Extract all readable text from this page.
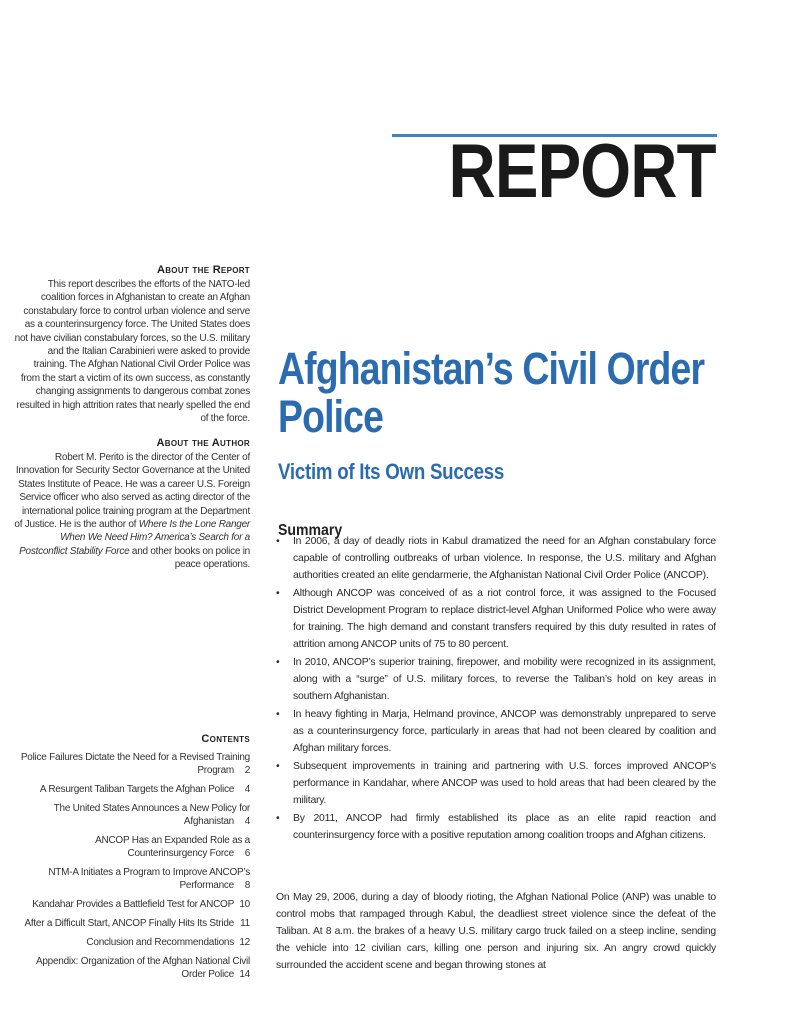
REPORT
About the Report

This report describes the efforts of the NATO-led coalition forces in Afghanistan to create an Afghan constabulary force to control urban violence and serve as a counterinsurgency force. The United States does not have civilian constabulary forces, so the U.S. military and the Italian Carabinieri were asked to provide training. The Afghan National Civil Order Police was from the start a victim of its own success, as constantly changing assignments to dangerous combat zones resulted in high attrition rates that nearly spelled the end of the force.

About the Author

Robert M. Perito is the director of the Center of Innovation for Security Sector Governance at the United States Institute of Peace. He was a career U.S. Foreign Service officer who also served as acting director of the international police training program at the Department of Justice. He is the author of Where Is the Lone Ranger When We Need Him? America’s Search for a Postconflict Stability Force and other books on police in peace operations.

Contents
Police Failures Dictate the Need for a Revised Training Program 2
A Resurgent Taliban Targets the Afghan Police 4
The United States Announces a New Policy for Afghanistan 4
ANCOP Has an Expanded Role as a Counterinsurgency Force 6
NTM-A Initiates a Program to Improve ANCOP’s Performance 8
Kandahar Provides a Battlefield Test for ANCOP 10
After a Difficult Start, ANCOP Finally Hits Its Stride 11
Conclusion and Recommendations 12
Appendix: Organization of the Afghan National Civil Order Police 14
Afghanistan’s Civil Order Police
Victim of Its Own Success
Summary
• In 2006, a day of deadly riots in Kabul dramatized the need for an Afghan constabulary force capable of controlling outbreaks of urban violence. In response, the U.S. military and Afghan authorities created an elite gendarmerie, the Afghanistan National Civil Order Police (ANCOP).
• Although ANCOP was conceived of as a riot control force, it was assigned to the Focused District Development Program to replace district-level Afghan Uniformed Police who were away for training. The high demand and constant transfers required by this duty resulted in rates of attrition among ANCOP units of 75 to 80 percent.
• In 2010, ANCOP’s superior training, firepower, and mobility were recognized in its assignment, along with a “surge” of U.S. military forces, to reverse the Taliban’s hold on key areas in southern Afghanistan.
• In heavy fighting in Marja, Helmand province, ANCOP was demonstrably unprepared to serve as a counterinsurgency force, particularly in areas that had not been cleared by coalition and Afghan military forces.
• Subsequent improvements in training and partnering with U.S. forces improved ANCOP’s performance in Kandahar, where ANCOP was used to hold areas that had been cleared by the military.
• By 2011, ANCOP had firmly established its place as an elite rapid reaction and counterinsurgency force with a positive reputation among coalition troops and Afghan citizens.

On May 29, 2006, during a day of bloody rioting, the Afghan National Police (ANP) was unable to control mobs that rampaged through Kabul, the deadliest street violence since the defeat of the Taliban. At 8 a.m. the brakes of a heavy U.S. military cargo truck failed on a steep incline, sending the vehicle into 12 civilian cars, killing one person and injuring six. An angry crowd quickly surrounded the accident scene and began throwing stones at
